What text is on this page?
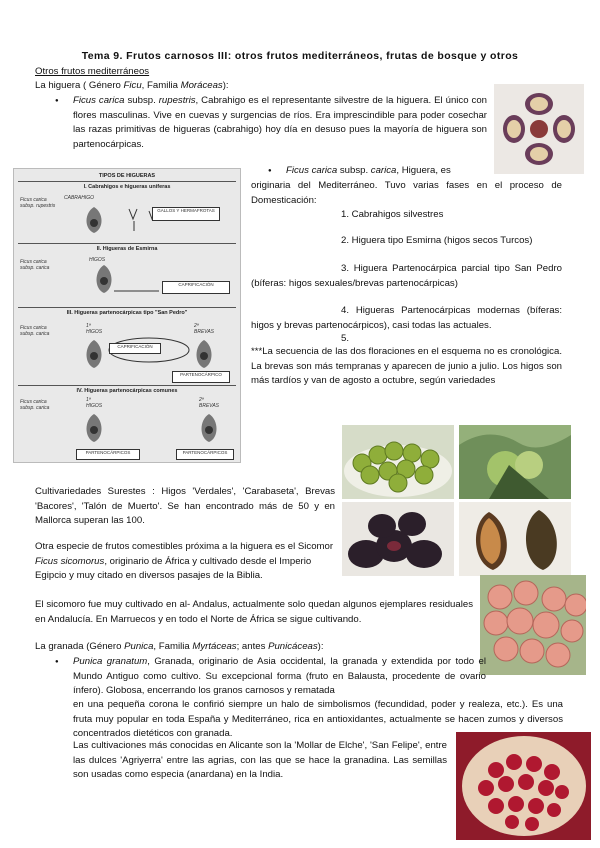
Tema 9. Frutos carnosos III: otros frutos mediterráneos, frutas de bosque y otros
Otros frutos mediterráneos
La higuera ( Género Ficu, Familia Moráceas):
● Ficus carica subsp. rupestris, Cabrahigo es el representante silvestre de la higuera. El único con flores masculinas. Vive en cuevas y surgencias de ríos. Era imprescindible para poder cosechar las razas primitivas de higueras (cabrahigo) hoy día en desuso pues la mayoría de higuera son partenocárpicas.
TIPOS DE HIGUERAS
I. Cabrahigos e higueras uniferas
Ficus carica subsp. rupestris
CABRAHIGO
GALLOS Y HERMAFROTAS
II. Higueras de Esmirna
Ficus carica subsp. carica
HIGOS
CAPRIFICACIÓN
III. Higueras partenocárpicas tipo "San Pedro"
Ficus carica subsp. carica
1ª HIGOS
2ª BREVAS
PARTENOCÁRPICO
CAPRIFICACIÓN
IV. Higueras partenocárpicas comunes
Ficus carica subsp. carica
1ª HIGOS
2ª BREVAS
PARTENOCÁRPICOS	PARTENOCÁRPICOS
● Ficus carica subsp. carica, Higuera, es
originaria del Mediterráneo. Tuvo varias fases en el proceso de Domesticación:
1. Cabrahigos silvestres
2. Higuera tipo Esmirna (higos secos Turcos)
3. Higuera Partenocárpica parcial tipo San Pedro (bíferas: higos sexuales/brevas partenocárpicas)
4. Higueras Partenocárpicas modernas (bíferas: higos y brevas partenocárpicos), casi todas las actuales.
5.
***La secuencia de las dos floraciones en el esquema no es cronológica. La brevas son más tempranas y aparecen de junio a julio. Los higos son más tardíos y van de agosto a octubre, según variedades
Cultivariedades Surestes : Higos 'Verdales', 'Carabaseta', Brevas 'Bacores', 'Talón de Muerto'. Se han encontrado más de 50 y en Mallorca superan las 100.
Otra especie de frutos comestibles próxima a la higuera es el Sicomor Ficus sicomorus, originario de África y cultivado desde el Imperio Egipcio y muy citado en diversos pasajes de la Biblia.
El sicomoro fue muy cultivado en al- Andalus, actualmente solo quedan algunos ejemplares residuales en Andalucía. En Marruecos y en todo el Norte de África se sigue cultivando.
La granada (Género Punica, Familia Myrtáceas; antes Punicáceas):
● Punica granatum, Granada, originario de Asia occidental, la granada y extendida por todo el Mundo Antiguo como cultivo. Su excepcional forma (fruto en Balausta, procedente de ovario ínfero). Globosa, encerrando los granos carnosos y rematada
en una pequeña corona le confirió siempre un halo de simbolismos (fecundidad, poder y realeza, etc.). Es una fruta muy popular en toda España y Mediterráneo, rica en antioxidantes, actualmente se hacen zumos y diversos concentrados dietéticos con granada.
Las cultivaciones más conocidas en Alicante son la 'Mollar de Elche', 'San Felipe', entre las dulces 'Agriyerra' entre las agrias, con las que se hace la granadina. Las semillas son usadas como especia (anardana) en la India.
